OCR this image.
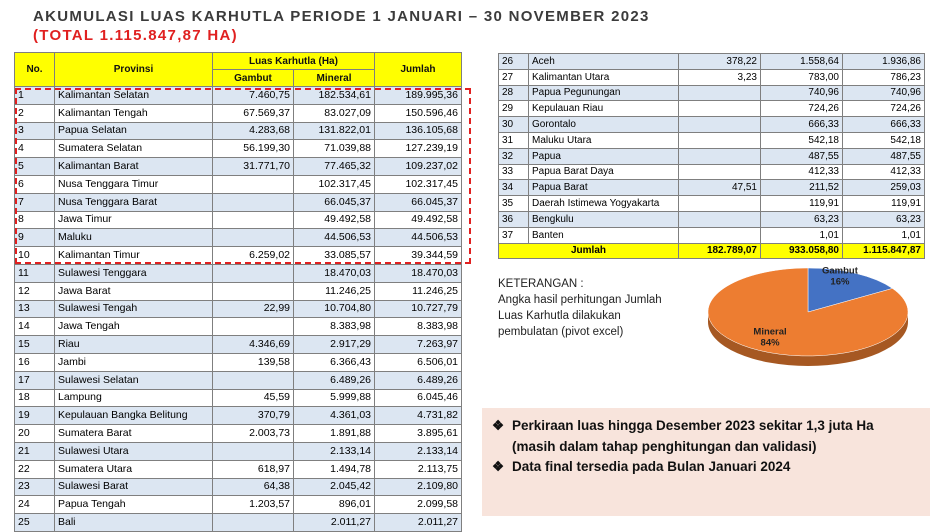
AKUMULASI LUAS KARHUTLA PERIODE 1 JANUARI – 30 NOVEMBER 2023
(TOTAL 1.115.847,87 HA)
No.	Provinsi	Luas Karhutla (Ha)		Jumlah
		Gambut	Mineral	
1	Kalimantan Selatan	7.460,75	182.534,61	189.995,36
2	Kalimantan Tengah	67.569,37	83.027,09	150.596,46
3	Papua Selatan	4.283,68	131.822,01	136.105,68
4	Sumatera Selatan	56.199,30	71.039,88	127.239,19
5	Kalimantan Barat	31.771,70	77.465,32	109.237,02
6	Nusa Tenggara Timur		102.317,45	102.317,45
7	Nusa Tenggara Barat		66.045,37	66.045,37
8	Jawa Timur		49.492,58	49.492,58
9	Maluku		44.506,53	44.506,53
10	Kalimantan Timur	6.259,02	33.085,57	39.344,59
11	Sulawesi Tenggara		18.470,03	18.470,03
12	Jawa Barat		11.246,25	11.246,25
13	Sulawesi Tengah	22,99	10.704,80	10.727,79
14	Jawa Tengah		8.383,98	8.383,98
15	Riau	4.346,69	2.917,29	7.263,97
16	Jambi	139,58	6.366,43	6.506,01
17	Sulawesi Selatan		6.489,26	6.489,26
18	Lampung	45,59	5.999,88	6.045,46
19	Kepulauan Bangka Belitung	370,79	4.361,03	4.731,82
20	Sumatera Barat	2.003,73	1.891,88	3.895,61
21	Sulawesi Utara		2.133,14	2.133,14
22	Sumatera Utara	618,97	1.494,78	2.113,75
23	Sulawesi Barat	64,38	2.045,42	2.109,80
24	Papua Tengah	1.203,57	896,01	2.099,58
25	Bali		2.011,27	2.011,27
26	Aceh	378,22	1.558,64	1.936,86
27	Kalimantan Utara	3,23	783,00	786,23
28	Papua Pegunungan		740,96	740,96
29	Kepulauan Riau		724,26	724,26
30	Gorontalo		666,33	666,33
31	Maluku Utara		542,18	542,18
32	Papua		487,55	487,55
33	Papua Barat Daya		412,33	412,33
34	Papua Barat	47,51	211,52	259,03
35	Daerah Istimewa Yogyakarta		119,91	119,91
36	Bengkulu		63,23	63,23
37	Banten		1,01	1,01
Jumlah		182.789,07	933.058,80	1.115.847,87
KETERANGAN :
Angka hasil perhitungan Jumlah
Luas Karhutla dilakukan
pembulatan (pivot excel)
Gambut
16%
Mineral
84%
❖ Perkiraan luas hingga Desember 2023 sekitar 1,3 juta Ha (masih dalam tahap penghitungan dan validasi)
❖ Data final tersedia pada Bulan Januari 2024
